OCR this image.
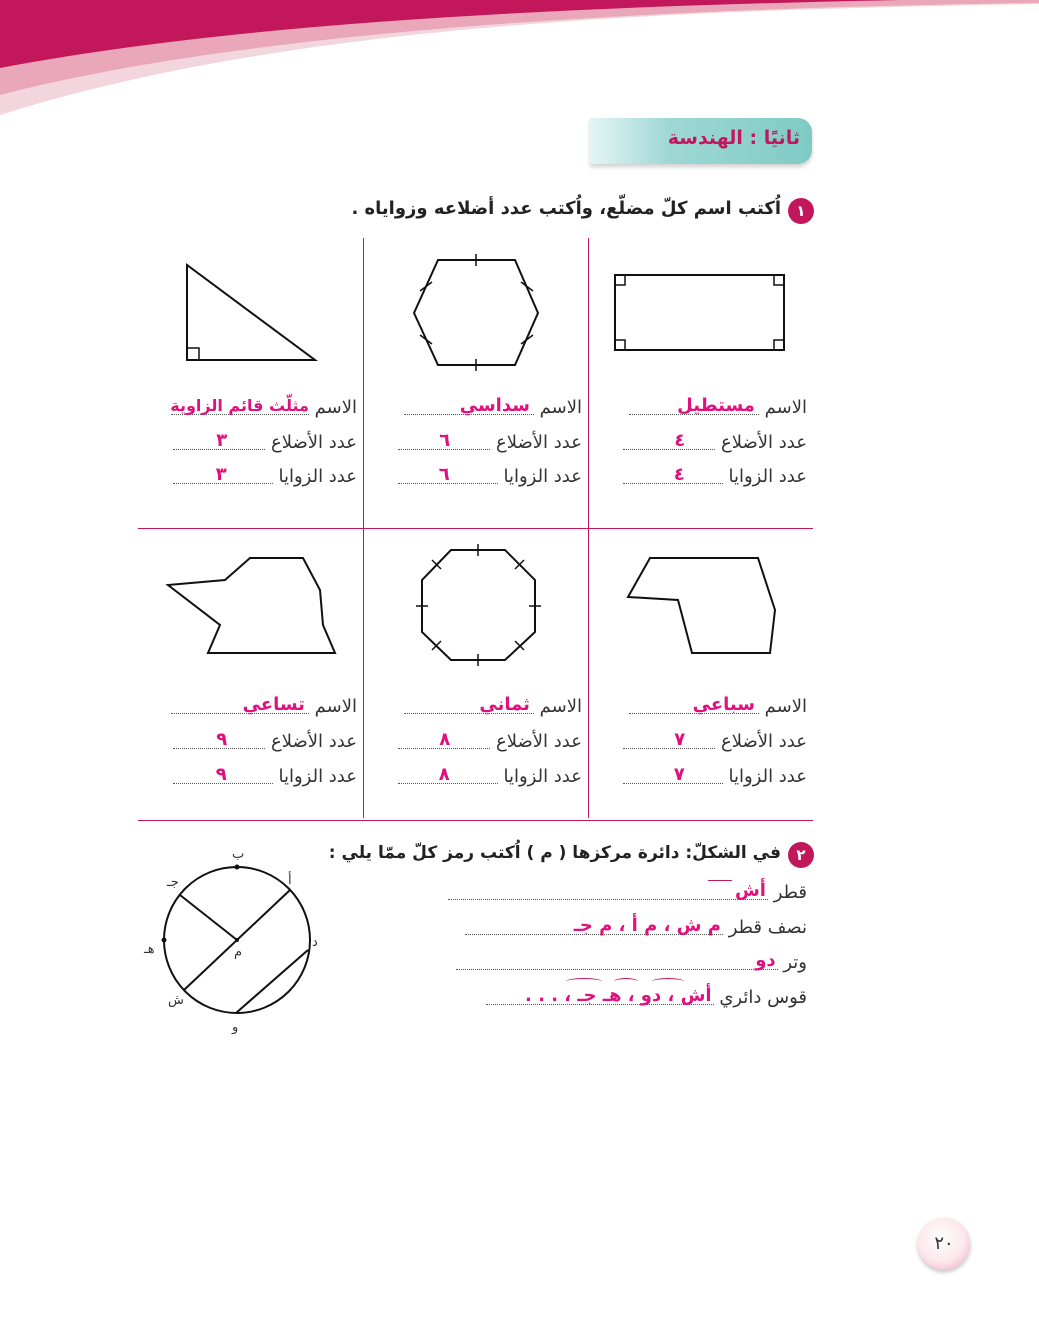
ثانيًا : الهندسة
١
اُكتب اسم كلّ مضلّع، واُكتب عدد أضلاعه وزواياه .
الاسم
مستطيل
عدد الأضلاع
٤
عدد الزوايا
٤
الاسم
سداسي
عدد الأضلاع
٦
عدد الزوايا
٦
الاسم
مثلّث قائم الزاوية
عدد الأضلاع
٣
عدد الزوايا
٣
الاسم
سباعي
عدد الأضلاع
٧
عدد الزوايا
٧
الاسم
ثماني
عدد الأضلاع
٨
عدد الزوايا
٨
الاسم
تساعي
عدد الأضلاع
٩
عدد الزوايا
٩
٢
في الشكلّ: دائرة مركزها ( م ) اُكتب رمز كلّ ممّا يلي :
قطر
أش
نصف قطر
م ش ، م أ ، م جـ
وتر
دو
قوس دائري
أش ، دو ، هـ جـ ، . . .
ب
أ
جـ
هـ	د
ش
و
م
٢٠
